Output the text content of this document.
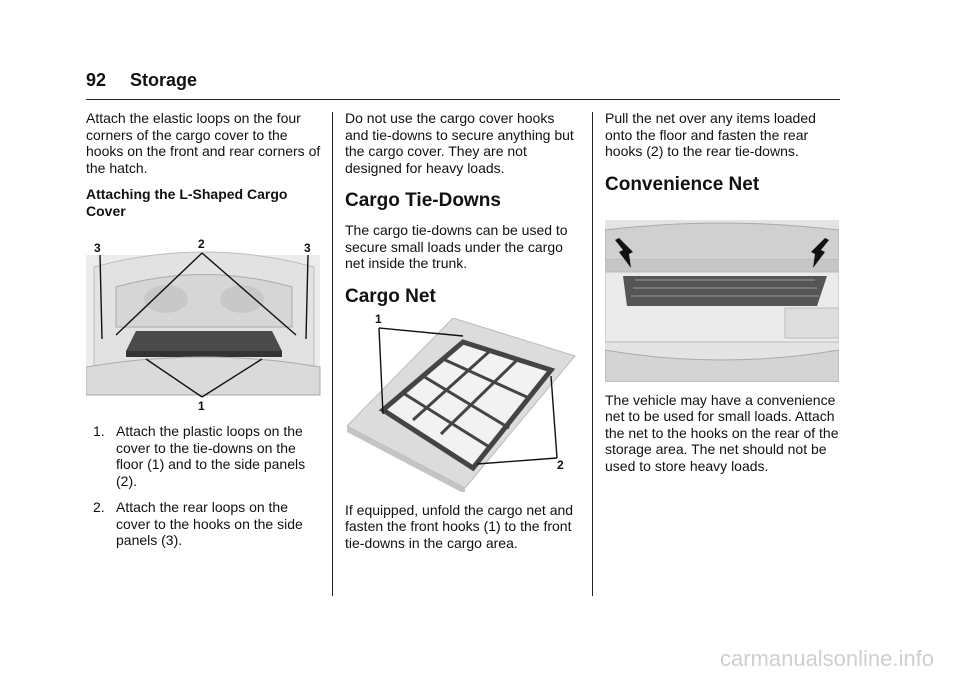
92 Storage

Attach the elastic loops on the four corners of the cargo cover to the hooks on the front and rear corners of the hatch.

Attaching the L-Shaped Cargo Cover
3	2	3
1
1. Attach the plastic loops on the cover to the tie-downs on the floor (1) and to the side panels (2).
2. Attach the rear loops on the cover to the hooks on the side panels (3).

Do not use the cargo cover hooks and tie-downs to secure anything but the cargo cover. They are not designed for heavy loads.

Cargo Tie-Downs

The cargo tie-downs can be used to secure small loads under the cargo net inside the trunk.

Cargo Net
1
2

If equipped, unfold the cargo net and fasten the front hooks (1) to the front tie-downs in the cargo area.

Pull the net over any items loaded onto the floor and fasten the rear hooks (2) to the rear tie-downs.

Convenience Net

The vehicle may have a convenience net to be used for small loads. Attach the net to the hooks on the rear of the storage area. The net should not be used to store heavy loads.

carmanualsonline.info
